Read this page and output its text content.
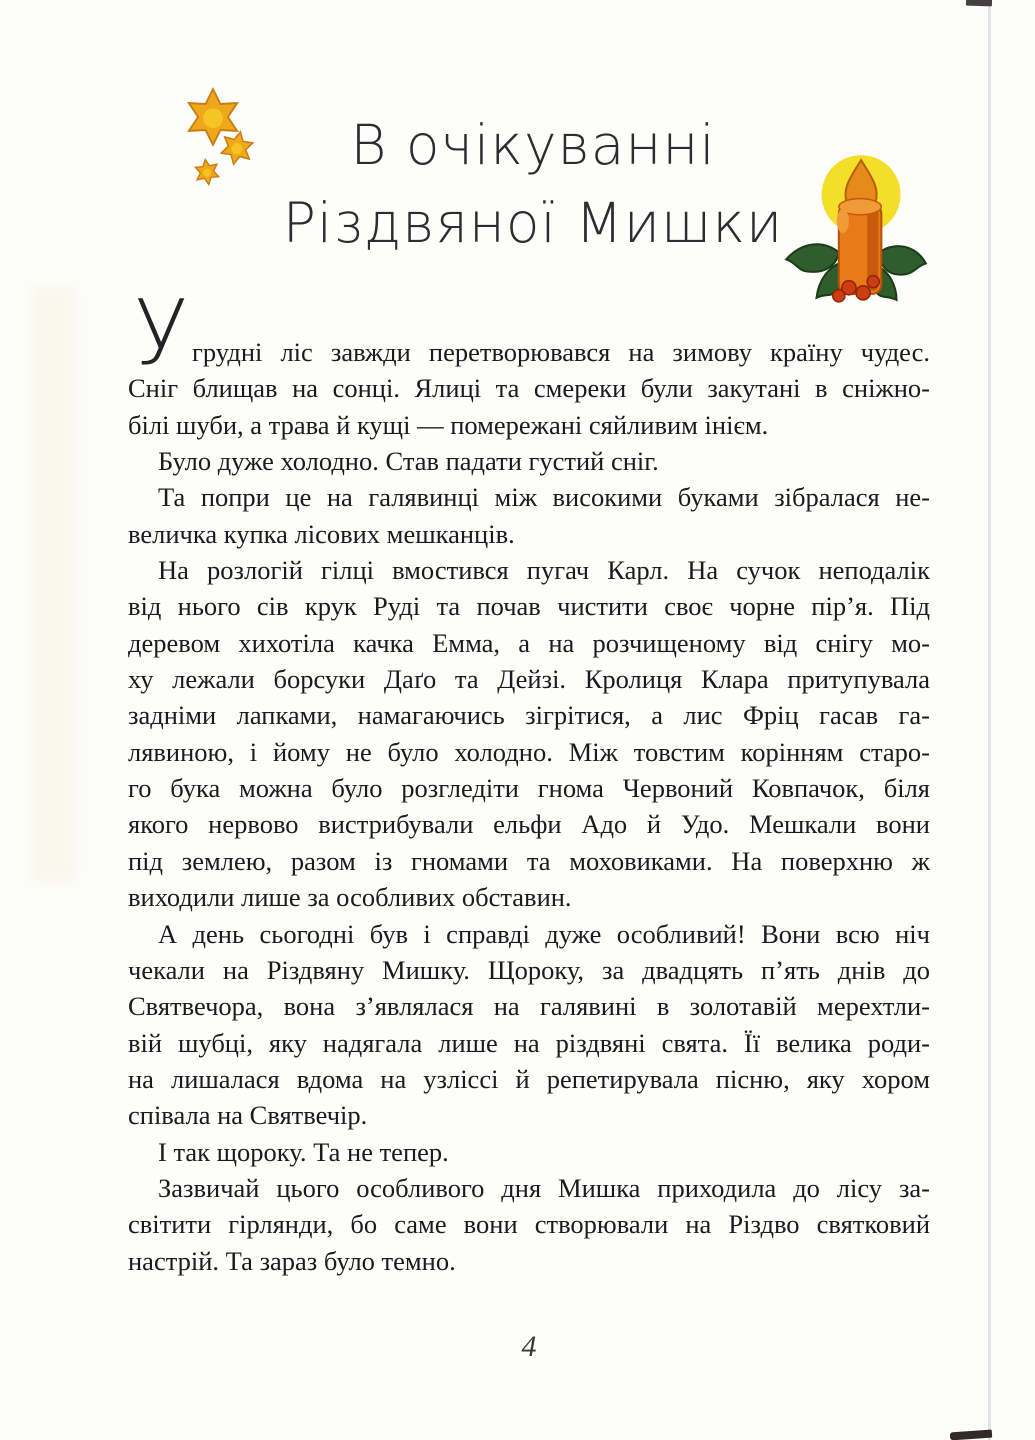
В очікуванні
Різдвяної Мишки
У грудні ліс завжди перетворювався на зимову країну чудес.
Сніг блищав на сонці. Ялиці та смереки були закутані в сніжно-
білі шуби, а трава й кущі — помережані сяйливим інієм.
Було дуже холодно. Став падати густий сніг.
Та попри це на галявинці між високими буками зібралася не-
величка купка лісових мешканців.
На розлогій гілці вмостився пугач Карл. На сучок неподалік
від нього сів крук Руді та почав чистити своє чорне пір’я. Під
деревом хихотіла качка Емма, а на розчищеному від снігу мо-
ху лежали борсуки Даґо та Дейзі. Кролиця Клара притупувала
задніми лапками, намагаючись зігрітися, а лис Фріц гасав га-
лявиною, і йому не було холодно. Між товстим корінням старо-
го бука можна було розгледіти гнома Червоний Ковпачок, біля
якого нервово вистрибували ельфи Адо й Удо. Мешкали вони
під землею, разом із гномами та моховиками. На поверхню ж
виходили лише за особливих обставин.
А день сьогодні був і справді дуже особливий! Вони всю ніч
чекали на Різдвяну Мишку. Щороку, за двадцять п’ять днів до
Святвечора, вона з’являлася на галявині в золотавій мерехтли-
вій шубці, яку надягала лише на різдвяні свята. Її велика роди-
на лишалася вдома на узліссі й репетирувала пісню, яку хором
співала на Святвечір.
І так щороку. Та не тепер.
Зазвичай цього особливого дня Мишка приходила до лісу за-
світити гірлянди, бо саме вони створювали на Різдво святковий
настрій. Та зараз було темно.
4
